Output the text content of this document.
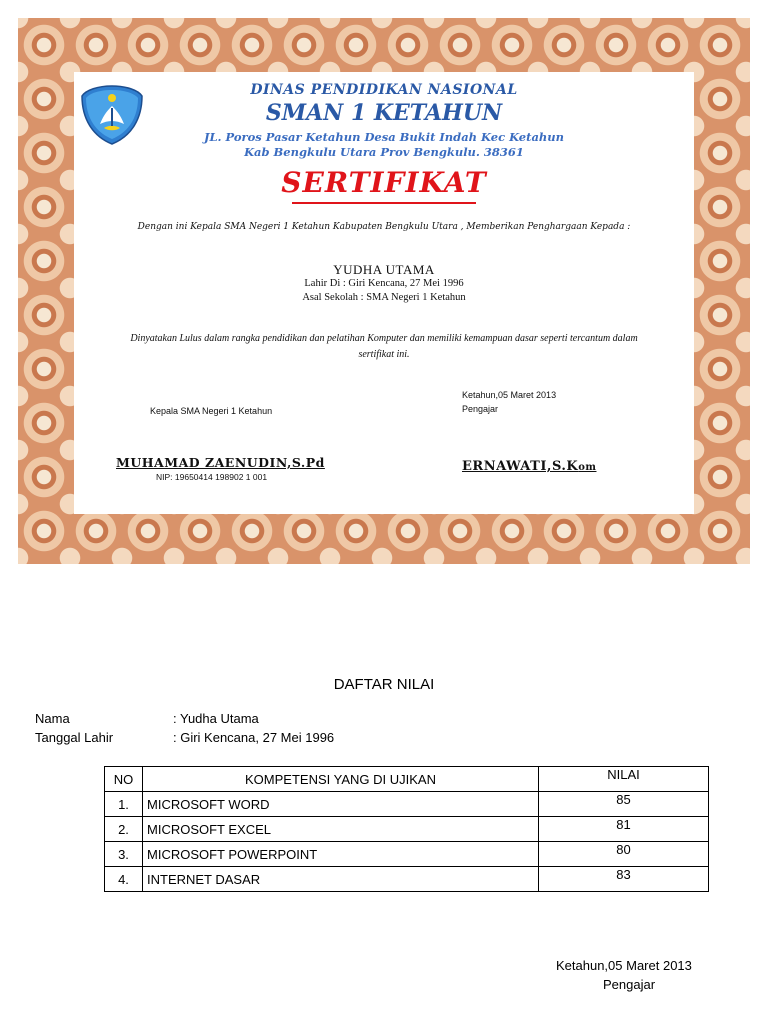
DINAS PENDIDIKAN NASIONAL
SMAN 1 KETAHUN
JL. Poros Pasar Ketahun Desa Bukit Indah Kec Ketahun
Kab Bengkulu Utara Prov Bengkulu. 38361
SERTIFIKAT
Dengan ini Kepala SMA Negeri 1 Ketahun Kabupaten Bengkulu Utara , Memberikan Penghargaan Kepada :
YUDHA UTAMA
Lahir Di : Giri Kencana, 27 Mei 1996
Asal Sekolah : SMA Negeri 1 Ketahun
Dinyatakan Lulus dalam rangka pendidikan dan pelatihan Komputer dan memiliki kemampuan dasar seperti tercantum dalam
sertifikat ini.
Ketahun,05 Maret 2013
Pengajar
Kepala SMA Negeri 1 Ketahun
MUHAMAD ZAENUDIN,S.Pd
NIP: 19650414 198902 1 001
ERNAWATI,S.Kom
DAFTAR NILAI
Nama	: Yudha Utama
Tanggal Lahir	: Giri Kencana, 27 Mei 1996
NO	KOMPETENSI YANG DI UJIKAN	NILAI
1.	MICROSOFT WORD	85
2.	MICROSOFT EXCEL	81
3.	MICROSOFT POWERPOINT	80
4.	INTERNET DASAR	83
Ketahun,05 Maret 2013
Pengajar
